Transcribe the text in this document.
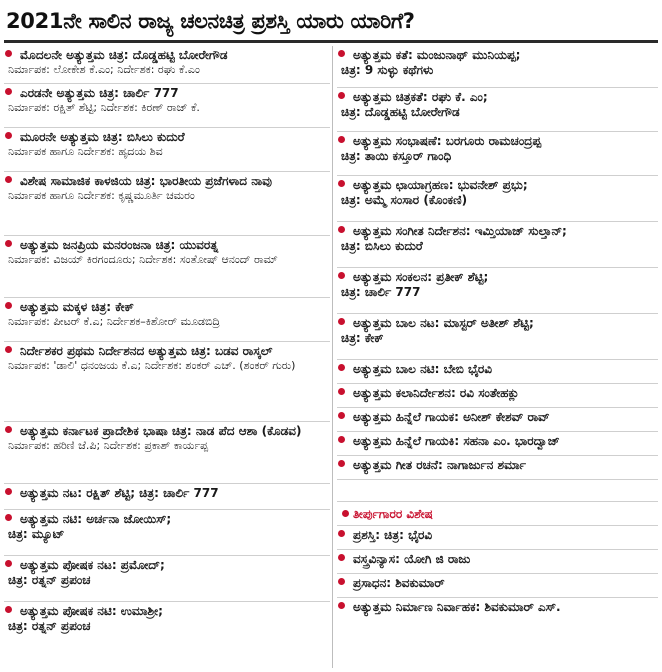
2021ನೇ ಸಾಲಿನ ರಾಜ್ಯ ಚಲನಚಿತ್ರ ಪ್ರಶಸ್ತಿ ಯಾರು ಯಾರಿಗೆ?
ಮೊದಲನೇ ಅತ್ಯುತ್ತಮ ಚಿತ್ರ: ದೊಡ್ಡಹಟ್ಟಿ ಬೋರೇಗೌಡ
ನಿರ್ಮಾಪಕ: ಲೋಕೇಶ ಕೆ.ಎಂ; ನಿರ್ದೇಶಕ: ರಘು ಕೆ.ಎಂ
ಎರಡನೇ ಅತ್ಯುತ್ತಮ ಚಿತ್ರ: ಚಾರ್ಲಿ 777
ನಿರ್ಮಾಪಕ: ರಕ್ಷಿತ್ ಶೆಟ್ಟಿ; ನಿರ್ದೇಶಕ: ಕಿರಣ್ ರಾಜ್ ಕೆ.
ಮೂರನೇ ಅತ್ಯುತ್ತಮ ಚಿತ್ರ: ಬಿಸಿಲು ಕುದುರೆ
ನಿರ್ಮಾಪಕ ಹಾಗೂ ನಿರ್ದೇಶಕ: ಹೃದಯ ಶಿವ
ವಿಶೇಷ ಸಾಮಾಜಿಕ ಕಾಳಜಿಯ ಚಿತ್ರ: ಭಾರತೀಯ ಪ್ರಜೆಗಳಾದ ನಾವು
ನಿರ್ಮಾಪಕ ಹಾಗೂ ನಿರ್ದೇಶಕ: ಕೃಷ್ಣಮೂರ್ತಿ ಚಮರಂ
ಅತ್ಯುತ್ತಮ ಜನಪ್ರಿಯ ಮನರಂಜನಾ ಚಿತ್ರ: ಯುವರತ್ನ
ನಿರ್ಮಾಪಕ: ವಿಜಯ್ ಕಿರಗಂದೂರು; ನಿರ್ದೇಶಕ: ಸಂತೋಷ್ ಆನಂದ್ ರಾಮ್
ಅತ್ಯುತ್ತಮ ಮಕ್ಕಳ ಚಿತ್ರ: ಕೇಕ್
ನಿರ್ಮಾಪಕ: ಪೀಟರ್ ಕೆ.ಎ; ನಿರ್ದೇಶಕ–ಕಿಶೋರ್ ಮೂಡಬಿದ್ರಿ
ನಿರ್ದೇಶಕರ ಪ್ರಥಮ ನಿರ್ದೇಶನದ ಅತ್ಯುತ್ತಮ ಚಿತ್ರ: ಬಡವ ರಾಸ್ಕಲ್
ನಿರ್ಮಾಪಕ: 'ಡಾಲಿ' ಧನಂಜಯ ಕೆ.ಎ; ನಿರ್ದೇಶಕ: ಶಂಕರ್ ಎಚ್. (ಶಂಕರ್ ಗುರು)
ಅತ್ಯುತ್ತಮ ಕರ್ನಾಟಕ ಪ್ರಾದೇಶಿಕ ಭಾಷಾ ಚಿತ್ರ: ನಾಡ ಪೆದ ಆಶಾ (ಕೊಡವ)
ನಿರ್ಮಾಪಕ: ಹರಿಣಿ ಜೆ.ಪಿ; ನಿರ್ದೇಶಕ: ಪ್ರಕಾಶ್ ಕಾರ್ಯಪ್ಪ
ಅತ್ಯುತ್ತಮ ನಟ: ರಕ್ಷಿತ್ ಶೆಟ್ಟಿ; ಚಿತ್ರ: ಚಾರ್ಲಿ 777
ಅತ್ಯುತ್ತಮ ನಟಿ: ಅರ್ಚನಾ ಜೋಯಿಸ್;
ಚಿತ್ರ: ಮ್ಯೂಟ್
ಅತ್ಯುತ್ತಮ ಪೋಷಕ ನಟ: ಪ್ರಮೋದ್;
ಚಿತ್ರ: ರತ್ನನ್ ಪ್ರಪಂಚ
ಅತ್ಯುತ್ತಮ ಪೋಷಕ ನಟಿ: ಉಮಾಶ್ರೀ;
ಚಿತ್ರ: ರತ್ನನ್ ಪ್ರಪಂಚ
ಅತ್ಯುತ್ತಮ ಕತೆ: ಮಂಜುನಾಥ್ ಮುನಿಯಪ್ಪ;
ಚಿತ್ರ: 9 ಸುಳ್ಳು ಕಥೆಗಳು
ಅತ್ಯುತ್ತಮ ಚಿತ್ರಕತೆ: ರಘು ಕೆ. ಎಂ;
ಚಿತ್ರ: ದೊಡ್ಡಹಟ್ಟಿ ಬೋರೇಗೌಡ
ಅತ್ಯುತ್ತಮ ಸಂಭಾಷಣೆ: ಬರಗೂರು ರಾಮಚಂದ್ರಪ್ಪ
ಚಿತ್ರ: ತಾಯಿ ಕಸ್ತೂರ್ ಗಾಂಧಿ
ಅತ್ಯುತ್ತಮ ಛಾಯಾಗ್ರಹಣ: ಭುವನೇಶ್ ಪ್ರಭು;
ಚಿತ್ರ: ಅಮ್ಮೆ ಸಂಸಾರ (ಕೊಂಕಣಿ)
ಅತ್ಯುತ್ತಮ ಸಂಗೀತ ನಿರ್ದೇಶನ: ಇಮ್ತಿಯಾಜ್ ಸುಲ್ತಾನ್;
ಚಿತ್ರ: ಬಿಸಿಲು ಕುದುರೆ
ಅತ್ಯುತ್ತಮ ಸಂಕಲನ: ಪ್ರತೀಕ್ ಶೆಟ್ಟಿ;
ಚಿತ್ರ: ಚಾರ್ಲಿ 777
ಅತ್ಯುತ್ತಮ ಬಾಲ ನಟ: ಮಾಸ್ಟರ್ ಅತೀಶ್ ಶೆಟ್ಟಿ;
ಚಿತ್ರ: ಕೇಕ್
ಅತ್ಯುತ್ತಮ ಬಾಲ ನಟಿ: ಬೇಬಿ ಭೈರವಿ
ಅತ್ಯುತ್ತಮ ಕಲಾನಿರ್ದೇಶನ: ರವಿ ಸಂತೇಹಕ್ಲು
ಅತ್ಯುತ್ತಮ ಹಿನ್ನೆಲೆ ಗಾಯಕ: ಅನೀಶ್ ಕೇಶವ್ ರಾವ್
ಅತ್ಯುತ್ತಮ ಹಿನ್ನೆಲೆ ಗಾಯಕಿ: ಸಹನಾ ಎಂ. ಭಾರದ್ವಾಜ್
ಅತ್ಯುತ್ತಮ ಗೀತ ರಚನೆ: ನಾಗಾರ್ಜುನ ಶರ್ಮಾ
ತೀರ್ಪುಗಾರರ ವಿಶೇಷ
ಪ್ರಶಸ್ತಿ: ಚಿತ್ರ: ಭೈರವಿ
ವಸ್ತ್ರವಿನ್ಯಾಸ: ಯೋಗಿ ಜಿ ರಾಜು
ಪ್ರಸಾಧನ: ಶಿವಕುಮಾರ್
ಅತ್ಯುತ್ತಮ ನಿರ್ಮಾಣ ನಿರ್ವಾಹಕ: ಶಿವಕುಮಾರ್ ಎಸ್.
